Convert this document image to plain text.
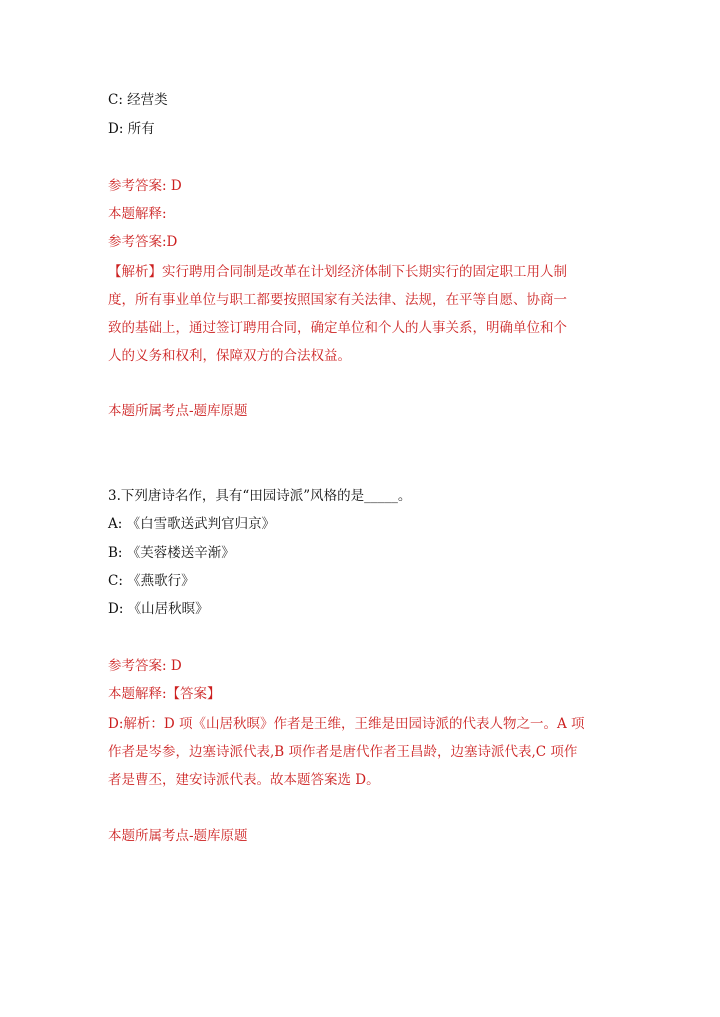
C: 经营类
D: 所有
参考答案: D
本题解释:
参考答案:D
【解析】实行聘用合同制是改革在计划经济体制下长期实行的固定职工用人制
度，所有事业单位与职工都要按照国家有关法律、法规，在平等自愿、协商一
致的基础上，通过签订聘用合同，确定单位和个人的人事关系，明确单位和个
人的义务和权利，保障双方的合法权益。
本题所属考点-题库原题
3.下列唐诗名作，具有“田园诗派”风格的是_____。
A: 《白雪歌送武判官归京》
B: 《芙蓉楼送辛渐》
C: 《燕歌行》
D: 《山居秋暝》
参考答案: D
本题解释:【答案】
D:解析：D 项《山居秋暝》作者是王维，王维是田园诗派的代表人物之一。A 项
作者是岑参，边塞诗派代表,B 项作者是唐代作者王昌龄，边塞诗派代表,C 项作
者是曹丕，建安诗派代表。故本题答案选 D。
本题所属考点-题库原题
